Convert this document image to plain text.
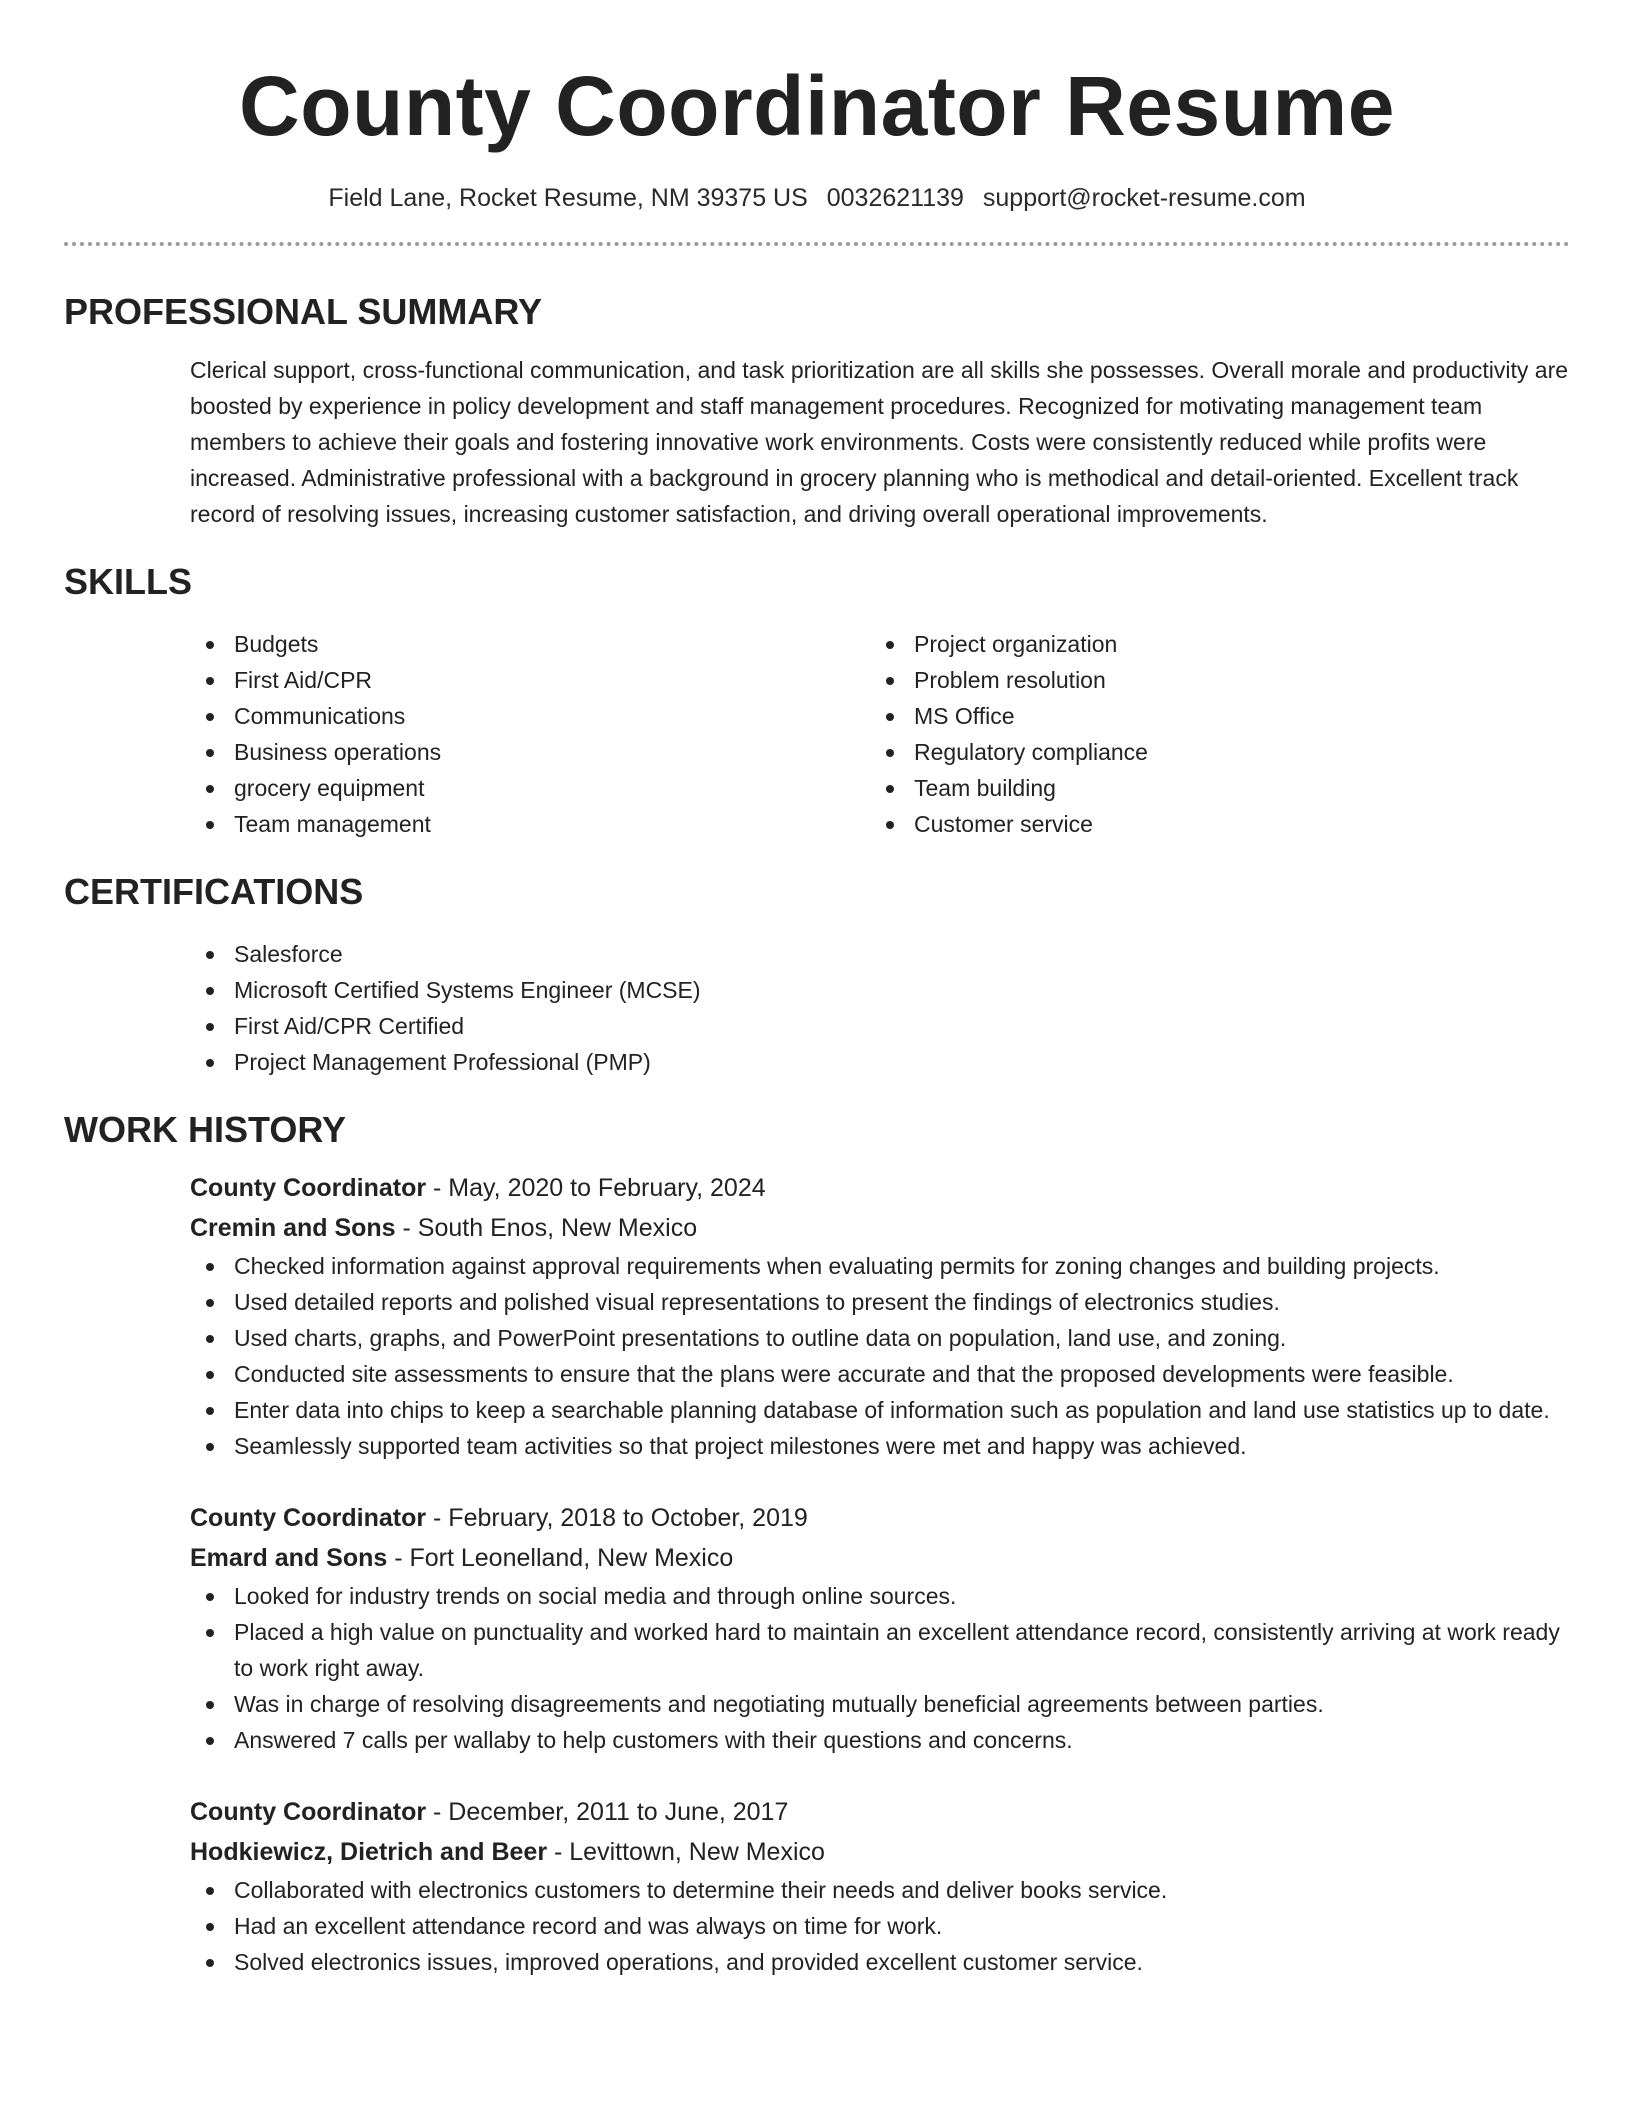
County Coordinator Resume
Field Lane, Rocket Resume, NM 39375 US 0032621139 support@rocket-resume.com
PROFESSIONAL SUMMARY
Clerical support, cross-functional communication, and task prioritization are all skills she possesses. Overall morale and productivity are boosted by experience in policy development and staff management procedures. Recognized for motivating management team members to achieve their goals and fostering innovative work environments. Costs were consistently reduced while profits were increased. Administrative professional with a background in grocery planning who is methodical and detail-oriented. Excellent track record of resolving issues, increasing customer satisfaction, and driving overall operational improvements.
SKILLS
Budgets
First Aid/CPR
Communications
Business operations
grocery equipment
Team management
Project organization
Problem resolution
MS Office
Regulatory compliance
Team building
Customer service
CERTIFICATIONS
Salesforce
Microsoft Certified Systems Engineer (MCSE)
First Aid/CPR Certified
Project Management Professional (PMP)
WORK HISTORY
County Coordinator - May, 2020 to February, 2024
Cremin and Sons - South Enos, New Mexico
Checked information against approval requirements when evaluating permits for zoning changes and building projects.
Used detailed reports and polished visual representations to present the findings of electronics studies.
Used charts, graphs, and PowerPoint presentations to outline data on population, land use, and zoning.
Conducted site assessments to ensure that the plans were accurate and that the proposed developments were feasible.
Enter data into chips to keep a searchable planning database of information such as population and land use statistics up to date.
Seamlessly supported team activities so that project milestones were met and happy was achieved.
County Coordinator - February, 2018 to October, 2019
Emard and Sons - Fort Leonelland, New Mexico
Looked for industry trends on social media and through online sources.
Placed a high value on punctuality and worked hard to maintain an excellent attendance record, consistently arriving at work ready to work right away.
Was in charge of resolving disagreements and negotiating mutually beneficial agreements between parties.
Answered 7 calls per wallaby to help customers with their questions and concerns.
County Coordinator - December, 2011 to June, 2017
Hodkiewicz, Dietrich and Beer - Levittown, New Mexico
Collaborated with electronics customers to determine their needs and deliver books service.
Had an excellent attendance record and was always on time for work.
Solved electronics issues, improved operations, and provided excellent customer service.
